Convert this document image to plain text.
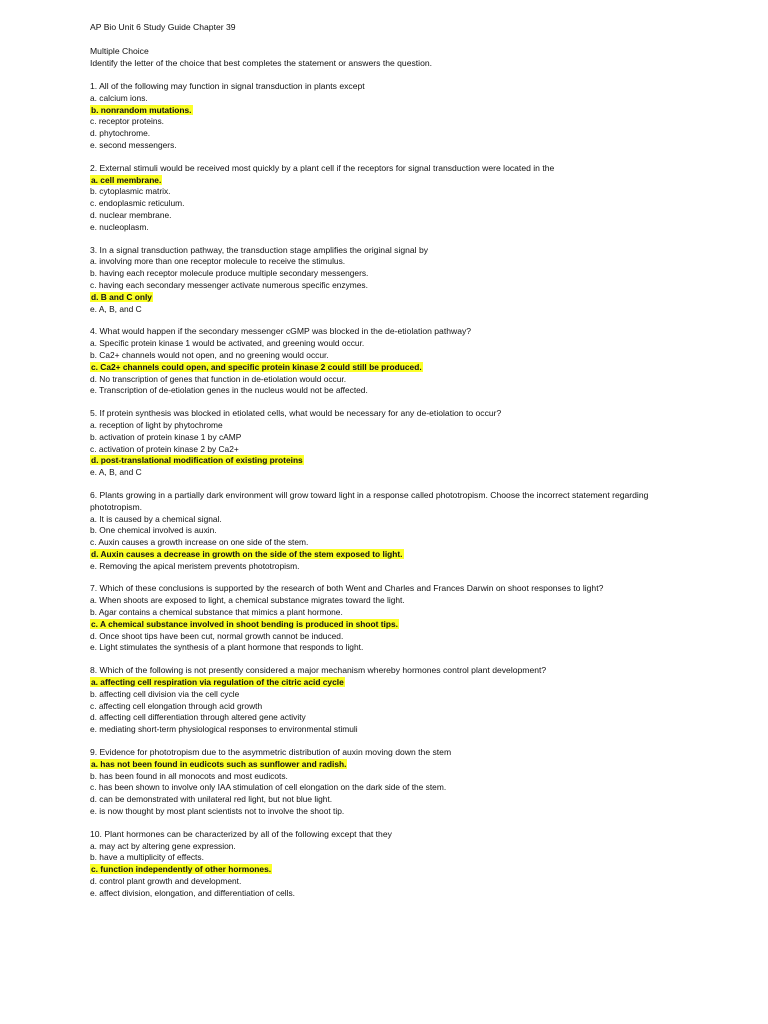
AP Bio Unit 6 Study Guide Chapter 39
Multiple Choice
Identify the letter of the choice that best completes the statement or answers the question.
1. All of the following may function in signal transduction in plants except
a. calcium ions.
b. nonrandom mutations.
c. receptor proteins.
d. phytochrome.
e. second messengers.
2. External stimuli would be received most quickly by a plant cell if the receptors for signal transduction were located in the
a. cell membrane.
b. cytoplasmic matrix.
c. endoplasmic reticulum.
d. nuclear membrane.
e. nucleoplasm.
3. In a signal transduction pathway, the transduction stage amplifies the original signal by
a. involving more than one receptor molecule to receive the stimulus.
b. having each receptor molecule produce multiple secondary messengers.
c. having each secondary messenger activate numerous specific enzymes.
d. B and C only
e. A, B, and C
4. What would happen if the secondary messenger cGMP was blocked in the de-etiolation pathway?
a. Specific protein kinase 1 would be activated, and greening would occur.
b. Ca2+ channels would not open, and no greening would occur.
c. Ca2+ channels could open, and specific protein kinase 2 could still be produced.
d. No transcription of genes that function in de-etiolation would occur.
e. Transcription of de-etiolation genes in the nucleus would not be affected.
5. If protein synthesis was blocked in etiolated cells, what would be necessary for any de-etiolation to occur?
a. reception of light by phytochrome
b. activation of protein kinase 1 by cAMP
c. activation of protein kinase 2 by Ca2+
d. post-translational modification of existing proteins
e. A, B, and C
6. Plants growing in a partially dark environment will grow toward light in a response called phototropism. Choose the incorrect statement regarding phototropism.
a. It is caused by a chemical signal.
b. One chemical involved is auxin.
c. Auxin causes a growth increase on one side of the stem.
d. Auxin causes a decrease in growth on the side of the stem exposed to light.
e. Removing the apical meristem prevents phototropism.
7. Which of these conclusions is supported by the research of both Went and Charles and Frances Darwin on shoot responses to light?
a. When shoots are exposed to light, a chemical substance migrates toward the light.
b. Agar contains a chemical substance that mimics a plant hormone.
c. A chemical substance involved in shoot bending is produced in shoot tips.
d. Once shoot tips have been cut, normal growth cannot be induced.
e. Light stimulates the synthesis of a plant hormone that responds to light.
8. Which of the following is not presently considered a major mechanism whereby hormones control plant development?
a. affecting cell respiration via regulation of the citric acid cycle
b. affecting cell division via the cell cycle
c. affecting cell elongation through acid growth
d. affecting cell differentiation through altered gene activity
e. mediating short-term physiological responses to environmental stimuli
9. Evidence for phototropism due to the asymmetric distribution of auxin moving down the stem
a. has not been found in eudicots such as sunflower and radish.
b. has been found in all monocots and most eudicots.
c. has been shown to involve only IAA stimulation of cell elongation on the dark side of the stem.
d. can be demonstrated with unilateral red light, but not blue light.
e. is now thought by most plant scientists not to involve the shoot tip.
10. Plant hormones can be characterized by all of the following except that they
a. may act by altering gene expression.
b. have a multiplicity of effects.
c. function independently of other hormones.
d. control plant growth and development.
e. affect division, elongation, and differentiation of cells.
